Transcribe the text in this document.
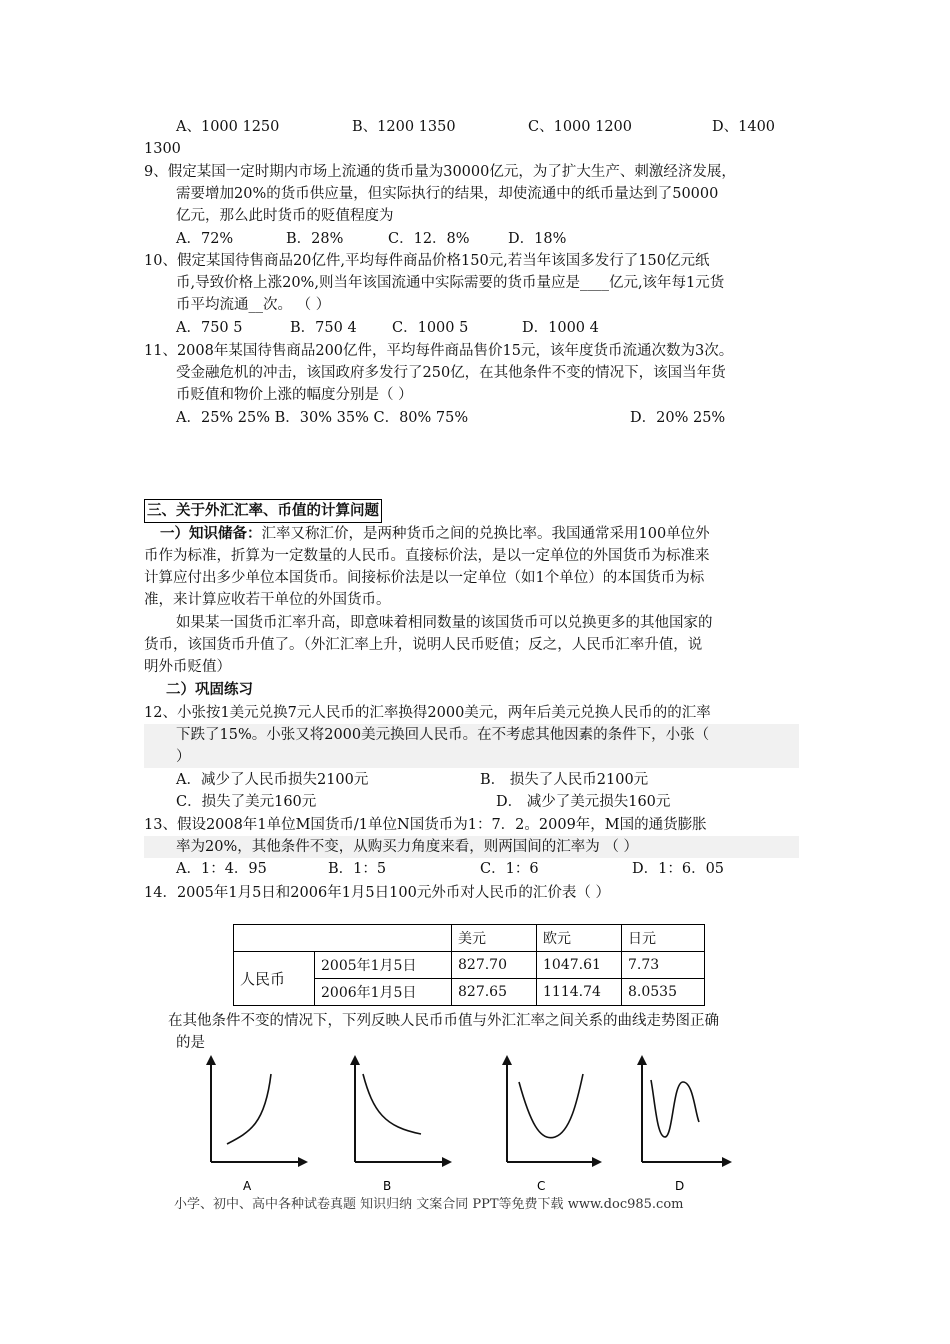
A、1000 1250	B、1200 1350	C、1000 1200	D、1400
1300
9、假定某国一定时期内市场上流通的货币量为30000亿元，为了扩大生产、刺激经济发展，
需要增加20%的货币供应量，但实际执行的结果，却使流通中的纸币量达到了50000
亿元，那么此时货币的贬值程度为
A．72%	B．28%	C．12．8%	D．18%
10、假定某国待售商品20亿件,平均每件商品价格150元,若当年该国多发行了150亿元纸
币,导致价格上涨20%,则当年该国流通中实际需要的货币量应是____亿元,该年每1元货
币平均流通__次。 （ ）
A．750 5	B．750 4 C．1000 5	D．1000 4
11、2008年某国待售商品200亿件，平均每件商品售价15元，该年度货币流通次数为3次。
受金融危机的冲击，该国政府多发行了250亿，在其他条件不变的情况下，该国当年货
币贬值和物价上涨的幅度分别是（ ）
A．25% 25% B．30% 35% C．80% 75%	D．20% 25%
三、关于外汇汇率、币值的计算问题
一）知识储备：汇率又称汇价，是两种货币之间的兑换比率。我国通常采用100单位外
币作为标准，折算为一定数量的人民币。直接标价法，是以一定单位的外国货币为标准来
计算应付出多少单位本国货币。间接标价法是以一定单位（如1个单位）的本国货币为标
准，来计算应收若干单位的外国货币。
如果某一国货币汇率升高，即意味着相同数量的该国货币可以兑换更多的其他国家的
货币，该国货币升值了。（外汇汇率上升，说明人民币贬值；反之，人民币汇率升值，说
明外币贬值）
二）巩固练习
12、小张按1美元兑换7元人民币的汇率换得2000美元，两年后美元兑换人民币的的汇率
下跌了15%。小张又将2000美元换回人民币。在不考虑其他因素的条件下，小张（
）
A．减少了人民币损失2100元	B． 损失了人民币2100元
C．损失了美元160元	D． 减少了美元损失160元
13、假设2008年1单位M国货币/1单位N国货币为1：7．2。2009年，M国的通货膨胀
率为20%，其他条件不变，从购买力角度来看，则两国间的汇率为 （ ）
A．1：4．95	B．1：5	C．1：6	D．1：6．05
14．2005年1月5日和2006年1月5日100元外币对人民币的汇价表（ ）
		美元	欧元	日元
人民币	2005年1月5日	827.70	1047.61	7.73
	2006年1月5日	827.65	1114.74	8.0535
在其他条件不变的情况下，下列反映人民币币值与外汇汇率之间关系的曲线走势图正确
的是
A	B	C	D
小学、初中、高中各种试卷真题 知识归纳 文案合同 PPT等免费下载 www.doc985.com
